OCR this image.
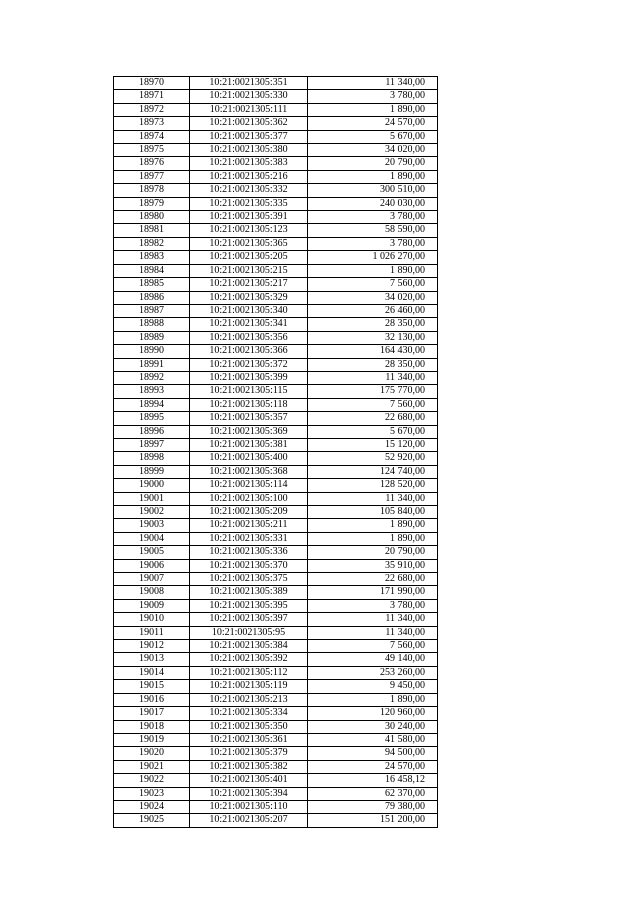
18970	10:21:0021305:351	11 340,00
18971	10:21:0021305:330	3 780,00
18972	10:21:0021305:111	1 890,00
18973	10:21:0021305:362	24 570,00
18974	10:21:0021305:377	5 670,00
18975	10:21:0021305:380	34 020,00
18976	10:21:0021305:383	20 790,00
18977	10:21:0021305:216	1 890,00
18978	10:21:0021305:332	300 510,00
18979	10:21:0021305:335	240 030,00
18980	10:21:0021305:391	3 780,00
18981	10:21:0021305:123	58 590,00
18982	10:21:0021305:365	3 780,00
18983	10:21:0021305:205	1 026 270,00
18984	10:21:0021305:215	1 890,00
18985	10:21:0021305:217	7 560,00
18986	10:21:0021305:329	34 020,00
18987	10:21:0021305:340	26 460,00
18988	10:21:0021305:341	28 350,00
18989	10:21:0021305:356	32 130,00
18990	10:21:0021305:366	164 430,00
18991	10:21:0021305:372	28 350,00
18992	10:21:0021305:399	11 340,00
18993	10:21:0021305:115	175 770,00
18994	10:21:0021305:118	7 560,00
18995	10:21:0021305:357	22 680,00
18996	10:21:0021305:369	5 670,00
18997	10:21:0021305:381	15 120,00
18998	10:21:0021305:400	52 920,00
18999	10:21:0021305:368	124 740,00
19000	10:21:0021305:114	128 520,00
19001	10:21:0021305:100	11 340,00
19002	10:21:0021305:209	105 840,00
19003	10:21:0021305:211	1 890,00
19004	10:21:0021305:331	1 890,00
19005	10:21:0021305:336	20 790,00
19006	10:21:0021305:370	35 910,00
19007	10:21:0021305:375	22 680,00
19008	10:21:0021305:389	171 990,00
19009	10:21:0021305:395	3 780,00
19010	10:21:0021305:397	11 340,00
19011	10:21:0021305:95	11 340,00
19012	10:21:0021305:384	7 560,00
19013	10:21:0021305:392	49 140,00
19014	10:21:0021305:112	253 260,00
19015	10:21:0021305:119	9 450,00
19016	10:21:0021305:213	1 890,00
19017	10:21:0021305:334	120 960,00
19018	10:21:0021305:350	30 240,00
19019	10:21:0021305:361	41 580,00
19020	10:21:0021305:379	94 500,00
19021	10:21:0021305:382	24 570,00
19022	10:21:0021305:401	16 458,12
19023	10:21:0021305:394	62 370,00
19024	10:21:0021305:110	79 380,00
19025	10:21:0021305:207	151 200,00
